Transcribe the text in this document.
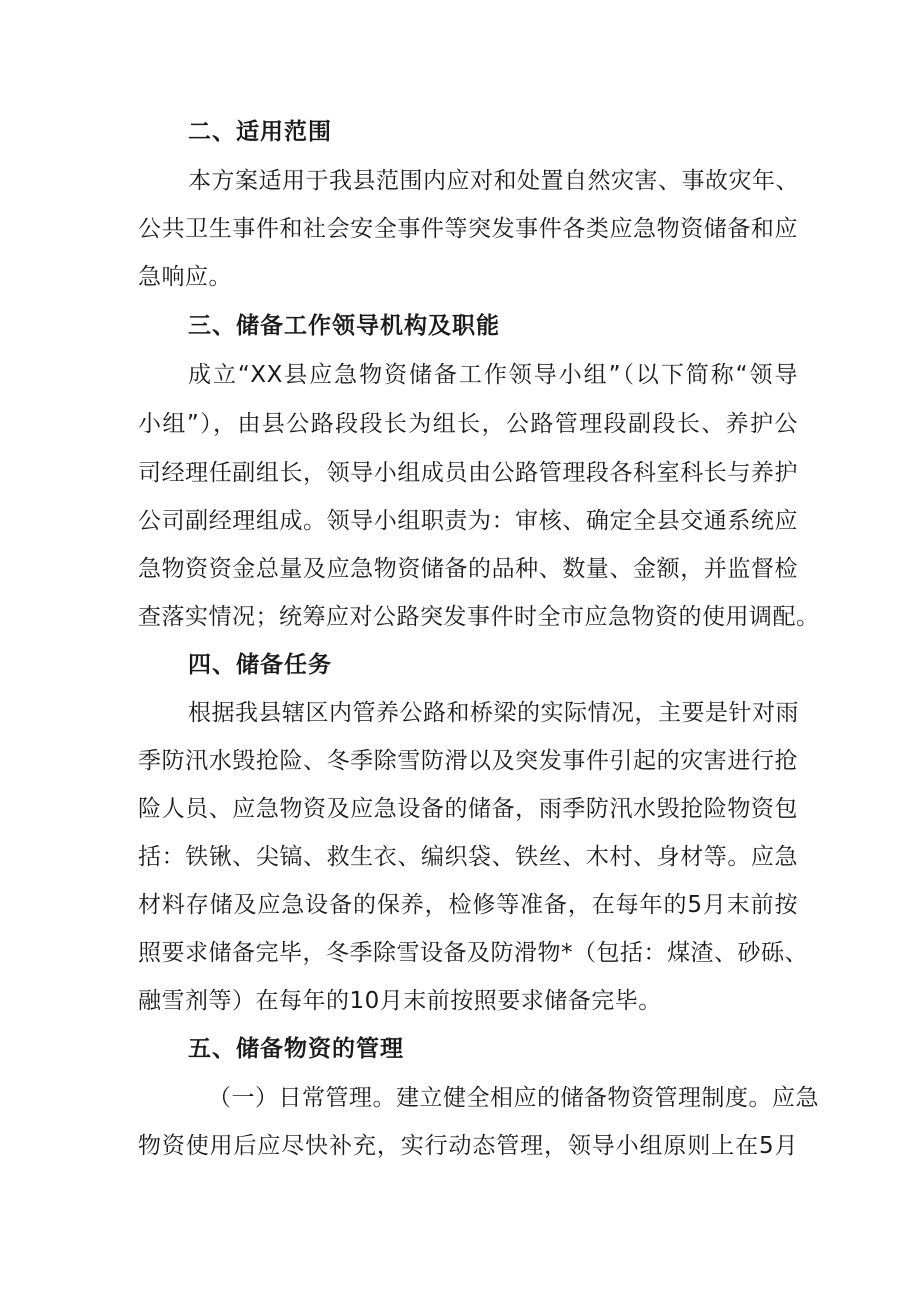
二、适用范围
本方案适用于我县范围内应对和处置自然灾害、事故灾年、
公共卫生事件和社会安全事件等突发事件各类应急物资储备和应
急响应。
三、储备工作领导机构及职能
成立“XX县应急物资储备工作领导小组”（以下简称“领导
小组”），由县公路段段长为组长，公路管理段副段长、养护公
司经理任副组长，领导小组成员由公路管理段各科室科长与养护
公司副经理组成。领导小组职责为：审核、确定全县交通系统应
急物资资金总量及应急物资储备的品种、数量、金额，并监督检
查落实情况；统筹应对公路突发事件时全市应急物资的使用调配。
四、储备任务
根据我县辖区内管养公路和桥梁的实际情况，主要是针对雨
季防汛水毁抢险、冬季除雪防滑以及突发事件引起的灾害进行抢
险人员、应急物资及应急设备的储备，雨季防汛水毁抢险物资包
括：铁锹、尖镐、救生衣、编织袋、铁丝、木村、身材等。应急
材料存储及应急设备的保养，检修等准备，在每年的5月末前按
照要求储备完毕，冬季除雪设备及防滑物*（包括：煤渣、砂砾、
融雪剂等）在每年的10月末前按照要求储备完毕。
五、储备物资的管理
（一）日常管理。建立健全相应的储备物资管理制度。应急
物资使用后应尽快补充，实行动态管理，领导小组原则上在5月
